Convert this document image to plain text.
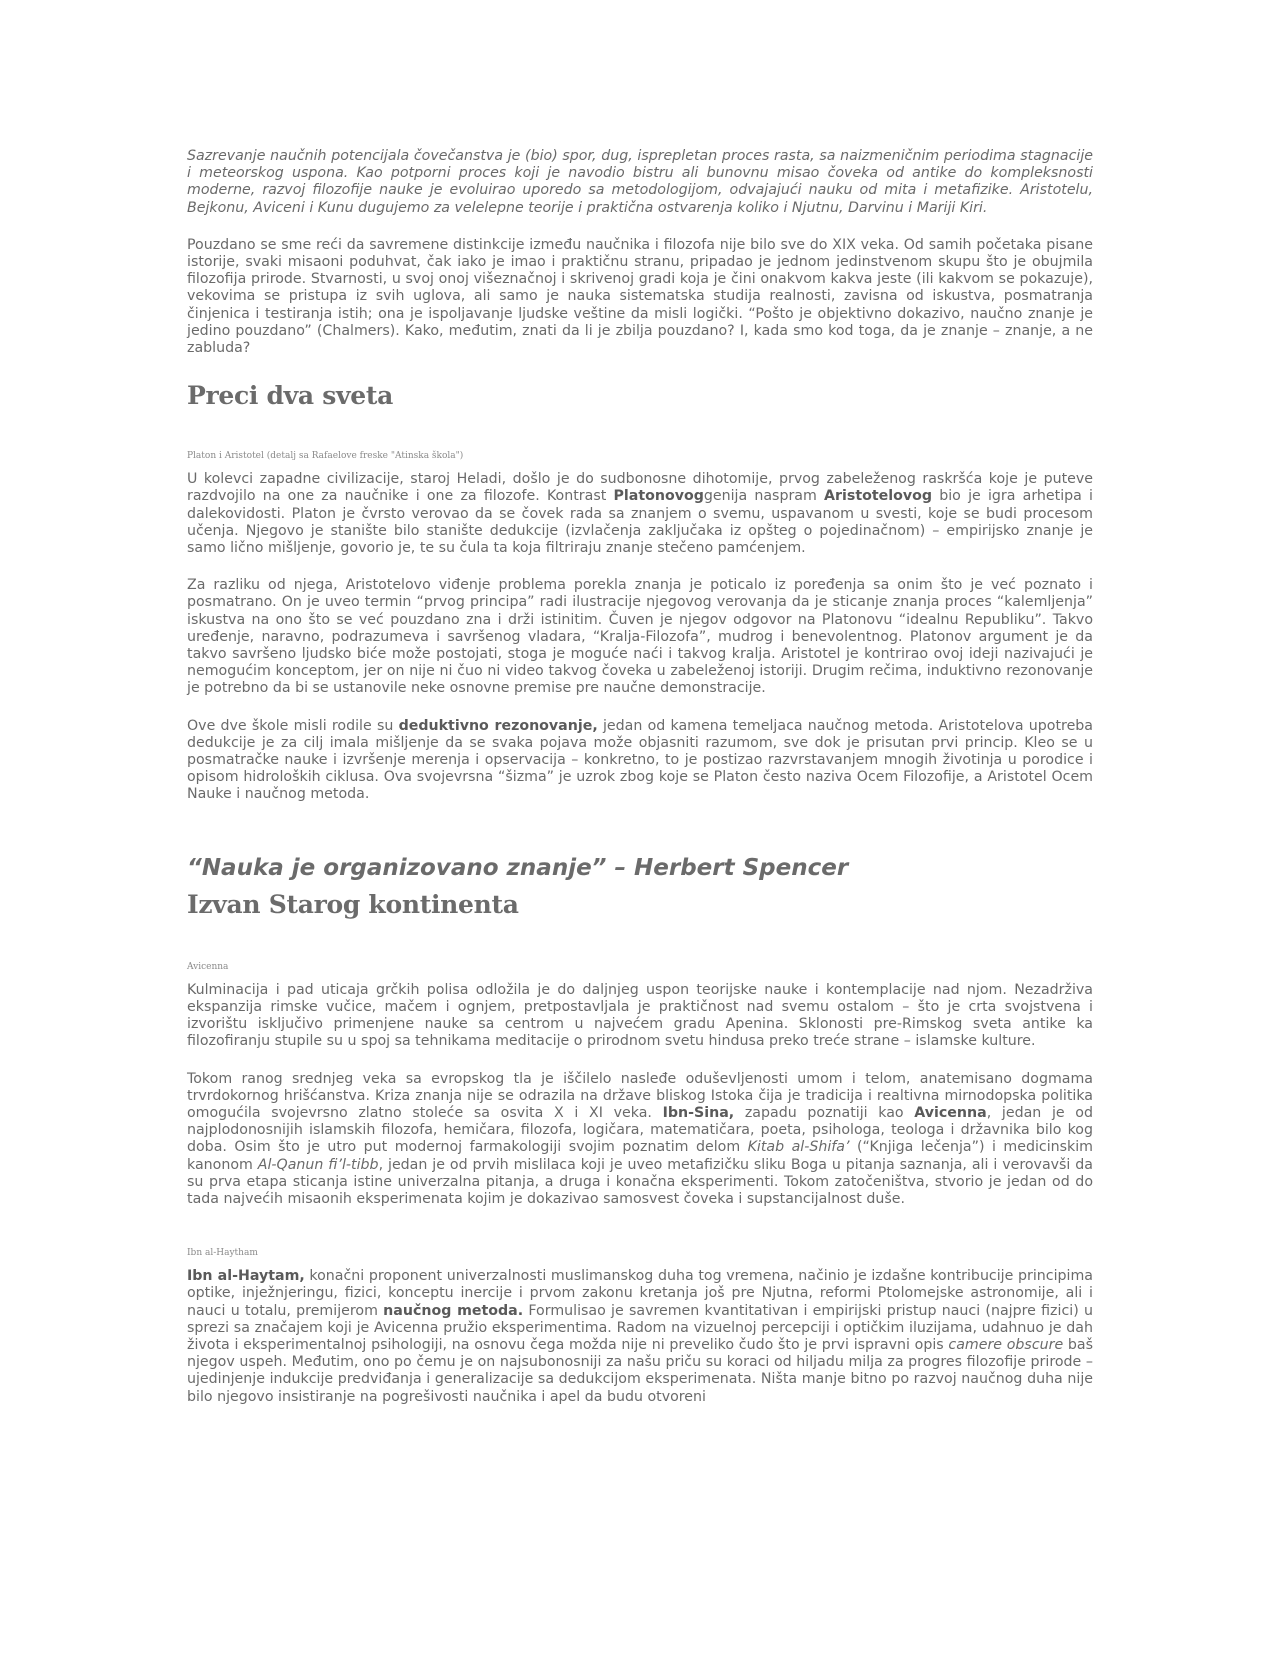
Sazrevanje naučnih potencijala čovečanstva je (bio) spor, dug, isprepletan proces rasta, sa naizmeničnim periodima stagnacije i meteorskog uspona. Kao potporni proces koji je navodio bistru ali bunovnu misao čoveka od antike do kompleksnosti moderne, razvoj filozofije nauke je evoluirao uporedo sa metodologijom, odvajajući nauku od mita i metafizike. Aristotelu, Bejkonu, Aviceni i Kunu dugujemo za velelepne teorije i praktična ostvarenja koliko i Njutnu, Darvinu i Mariji Kiri.

Pouzdano se sme reći da savremene distinkcije između naučnika i filozofa nije bilo sve do XIX veka. Od samih početaka pisane istorije, svaki misaoni poduhvat, čak iako je imao i praktičnu stranu, pripadao je jednom jedinstvenom skupu što je obujmila filozofija prirode. Stvarnosti, u svoj onoj višeznačnoj i skrivenoj gradi koja je čini onakvom kakva jeste (ili kakvom se pokazuje), vekovima se pristupa iz svih uglova, ali samo je nauka sistematska studija realnosti, zavisna od iskustva, posmatranja činjenica i testiranja istih; ona je ispoljavanje ljudske veštine da misli logički. “Pošto je objektivno dokazivo, naučno znanje je jedino pouzdano” (Chalmers). Kako, međutim, znati da li je zbilja pouzdano? I, kada smo kod toga, da je znanje – znanje, a ne zabluda?

Preci dva sveta

Platon i Aristotel (detalj sa Rafaelove freske "Atinska škola")

U kolevci zapadne civilizacije, staroj Heladi, došlo je do sudbonosne dihotomije, prvog zabeleženog raskršća koje je puteve razdvojilo na one za naučnike i one za filozofe. Kontrast Platonovoggenija naspram Aristotelovog bio je igra arhetipa i dalekovidosti. Platon je čvrsto verovao da se čovek rada sa znanjem o svemu, uspavanom u svesti, koje se budi procesom učenja. Njegovo je stanište bilo stanište dedukcije (izvlačenja zaključaka iz opšteg o pojedinačnom) – empirijsko znanje je samo lično mišljenje, govorio je, te su čula ta koja filtriraju znanje stečeno pamćenjem.

Za razliku od njega, Aristotelovo viđenje problema porekla znanja je poticalo iz poređenja sa onim što je već poznato i posmatrano. On je uveo termin “prvog principa” radi ilustracije njegovog verovanja da je sticanje znanja proces “kalemljenja” iskustva na ono što se već pouzdano zna i drži istinitim. Čuven je njegov odgovor na Platonovu “idealnu Republiku”. Takvo uređenje, naravno, podrazumeva i savršenog vladara, “Kralja-Filozofa”, mudrog i benevolentnog. Platonov argument je da takvo savršeno ljudsko biće može postojati, stoga je moguće naći i takvog kralja. Aristotel je kontrirao ovoj ideji nazivajući je nemogućim konceptom, jer on nije ni čuo ni video takvog čoveka u zabeleženoj istoriji. Drugim rečima, induktivno rezonovanje je potrebno da bi se ustanovile neke osnovne premise pre naučne demonstracije.

Ove dve škole misli rodile su deduktivno rezonovanje, jedan od kamena temeljaca naučnog metoda. Aristotelova upotreba dedukcije je za cilj imala mišljenje da se svaka pojava može objasniti razumom, sve dok je prisutan prvi princip. Kleo se u posmatračke nauke i izvršenje merenja i opservacija – konkretno, to je postizao razvrstavanjem mnogih životinja u porodice i opisom hidroloških ciklusa. Ova svojevrsna “šizma” je uzrok zbog koje se Platon često naziva Ocem Filozofije, a Aristotel Ocem Nauke i naučnog metoda.

“Nauka je organizovano znanje” – Herbert Spencer
Izvan Starog kontinenta

Avicenna

Kulminacija i pad uticaja grčkih polisa odložila je do daljnjeg uspon teorijske nauke i kontemplacije nad njom. Nezadrživa ekspanzija rimske vučice, mačem i ognjem, pretpostavljala je praktičnost nad svemu ostalom – što je crta svojstvena i izvorištu isključivo primenjene nauke sa centrom u najvećem gradu Apenina. Sklonosti pre-Rimskog sveta antike ka filozofiranju stupile su u spoj sa tehnikama meditacije o prirodnom svetu hindusa preko treće strane – islamske kulture.

Tokom ranog srednjeg veka sa evropskog tla je iščilelo nasleđe oduševljenosti umom i telom, anatemisano dogmama trvrdokornog hrišćanstva. Kriza znanja nije se odrazila na države bliskog Istoka čija je tradicija i realtivna mirnodopska politika omogućila svojevrsno zlatno stoleće sa osvita X i XI veka. Ibn-Sina, zapadu poznatiji kao Avicenna, jedan je od najplodonosnijih islamskih filozofa, hemičara, filozofa, logičara, matematičara, poeta, psihologa, teologa i državnika bilo kog doba. Osim što je utro put modernoj farmakologiji svojim poznatim delom Kitab al-Shifa’ (“Knjiga lečenja”) i medicinskim kanonom Al-Qanun fi’l-tibb, jedan je od prvih mislilaca koji je uveo metafizičku sliku Boga u pitanja saznanja, ali i verovavši da su prva etapa sticanja istine univerzalna pitanja, a druga i konačna eksperimenti. Tokom zatočeništva, stvorio je jedan od do tada najvećih misaonih eksperimenata kojim je dokazivao samosvest čoveka i supstancijalnost duše.

Ibn al-Haytham

Ibn al-Haytam, konačni proponent univerzalnosti muslimanskog duha tog vremena, načinio je izdašne kontribucije principima optike, inježnjeringu, fizici, konceptu inercije i prvom zakonu kretanja još pre Njutna, reformi Ptolomejske astronomije, ali i nauci u totalu, premijerom naučnog metoda. Formulisao je savremen kvantitativan i empirijski pristup nauci (najpre fizici) u sprezi sa značajem koji je Avicenna pružio eksperimentima. Radom na vizuelnoj percepciji i optičkim iluzijama, udahnuo je dah života i eksperimentalnoj psihologiji, na osnovu čega možda nije ni preveliko čudo što je prvi ispravni opis camere obscure baš njegov uspeh. Međutim, ono po čemu je on najsubonosniji za našu priču su koraci od hiljadu milja za progres filozofije prirode – ujedinjenje indukcije predviđanja i generalizacije sa dedukcijom eksperimenata. Ništa manje bitno po razvoj naučnog duha nije bilo njegovo insistiranje na pogrešivosti naučnika i apel da budu otvoreni
